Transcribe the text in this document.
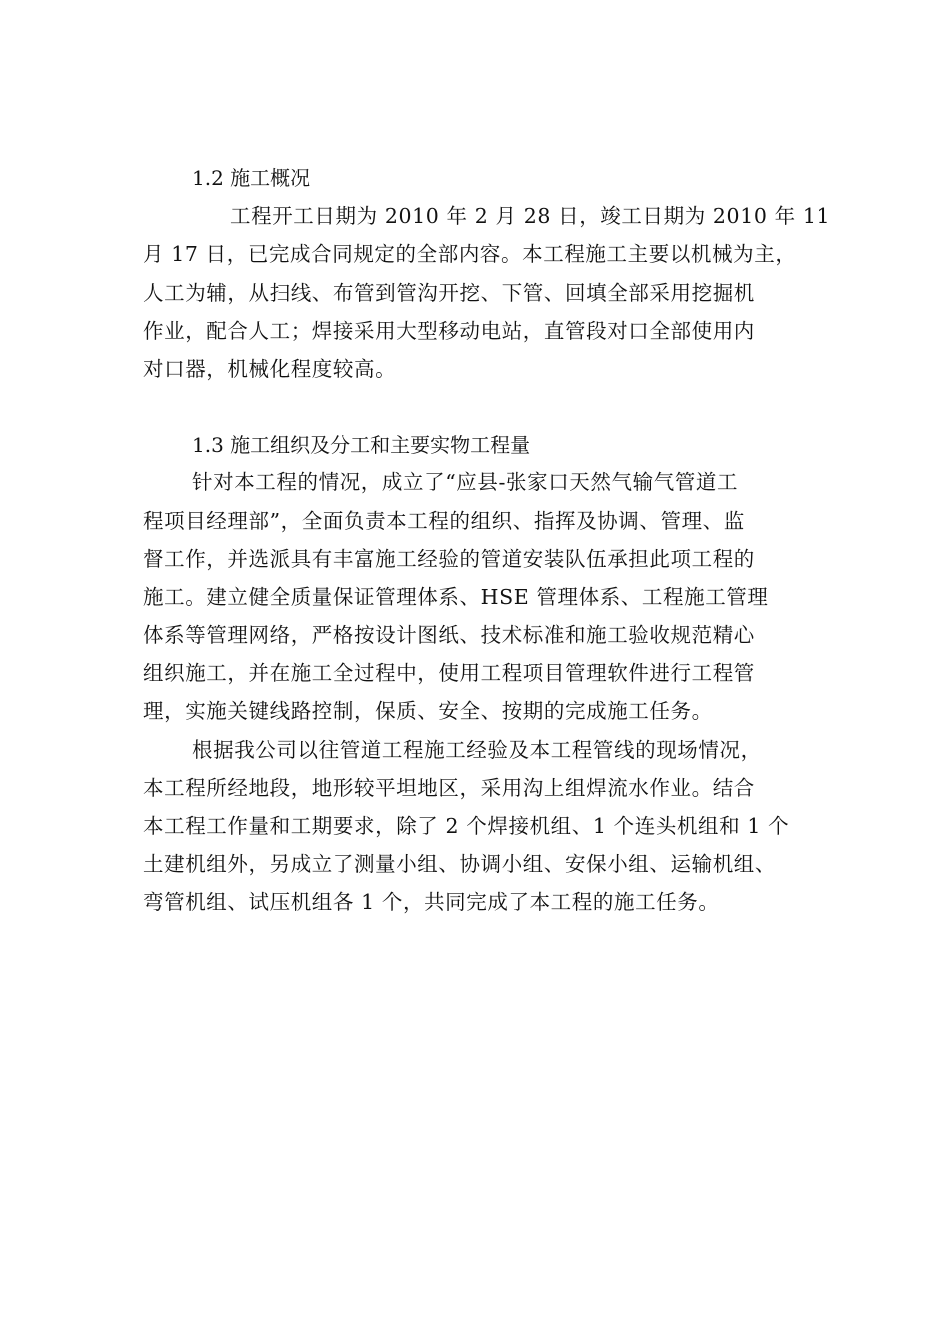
1.2 施工概况
工程开工日期为 2010 年 2 月 28 日，竣工日期为 2010 年 11
月 17 日，已完成合同规定的全部内容。本工程施工主要以机械为主，
人工为辅，从扫线、布管到管沟开挖、下管、回填全部采用挖掘机
作业，配合人工；焊接采用大型移动电站，直管段对口全部使用内
对口器，机械化程度较高。
1.3 施工组织及分工和主要实物工程量
针对本工程的情况，成立了“应县-张家口天然气输气管道工
程项目经理部”，全面负责本工程的组织、指挥及协调、管理、监
督工作，并选派具有丰富施工经验的管道安装队伍承担此项工程的
施工。建立健全质量保证管理体系、HSE 管理体系、工程施工管理
体系等管理网络，严格按设计图纸、技术标准和施工验收规范精心
组织施工，并在施工全过程中，使用工程项目管理软件进行工程管
理，实施关键线路控制，保质、安全、按期的完成施工任务。
根据我公司以往管道工程施工经验及本工程管线的现场情况，
本工程所经地段，地形较平坦地区，采用沟上组焊流水作业。结合
本工程工作量和工期要求，除了 2 个焊接机组、1 个连头机组和 1 个
土建机组外，另成立了测量小组、协调小组、安保小组、运输机组、
弯管机组、试压机组各 1 个，共同完成了本工程的施工任务。
